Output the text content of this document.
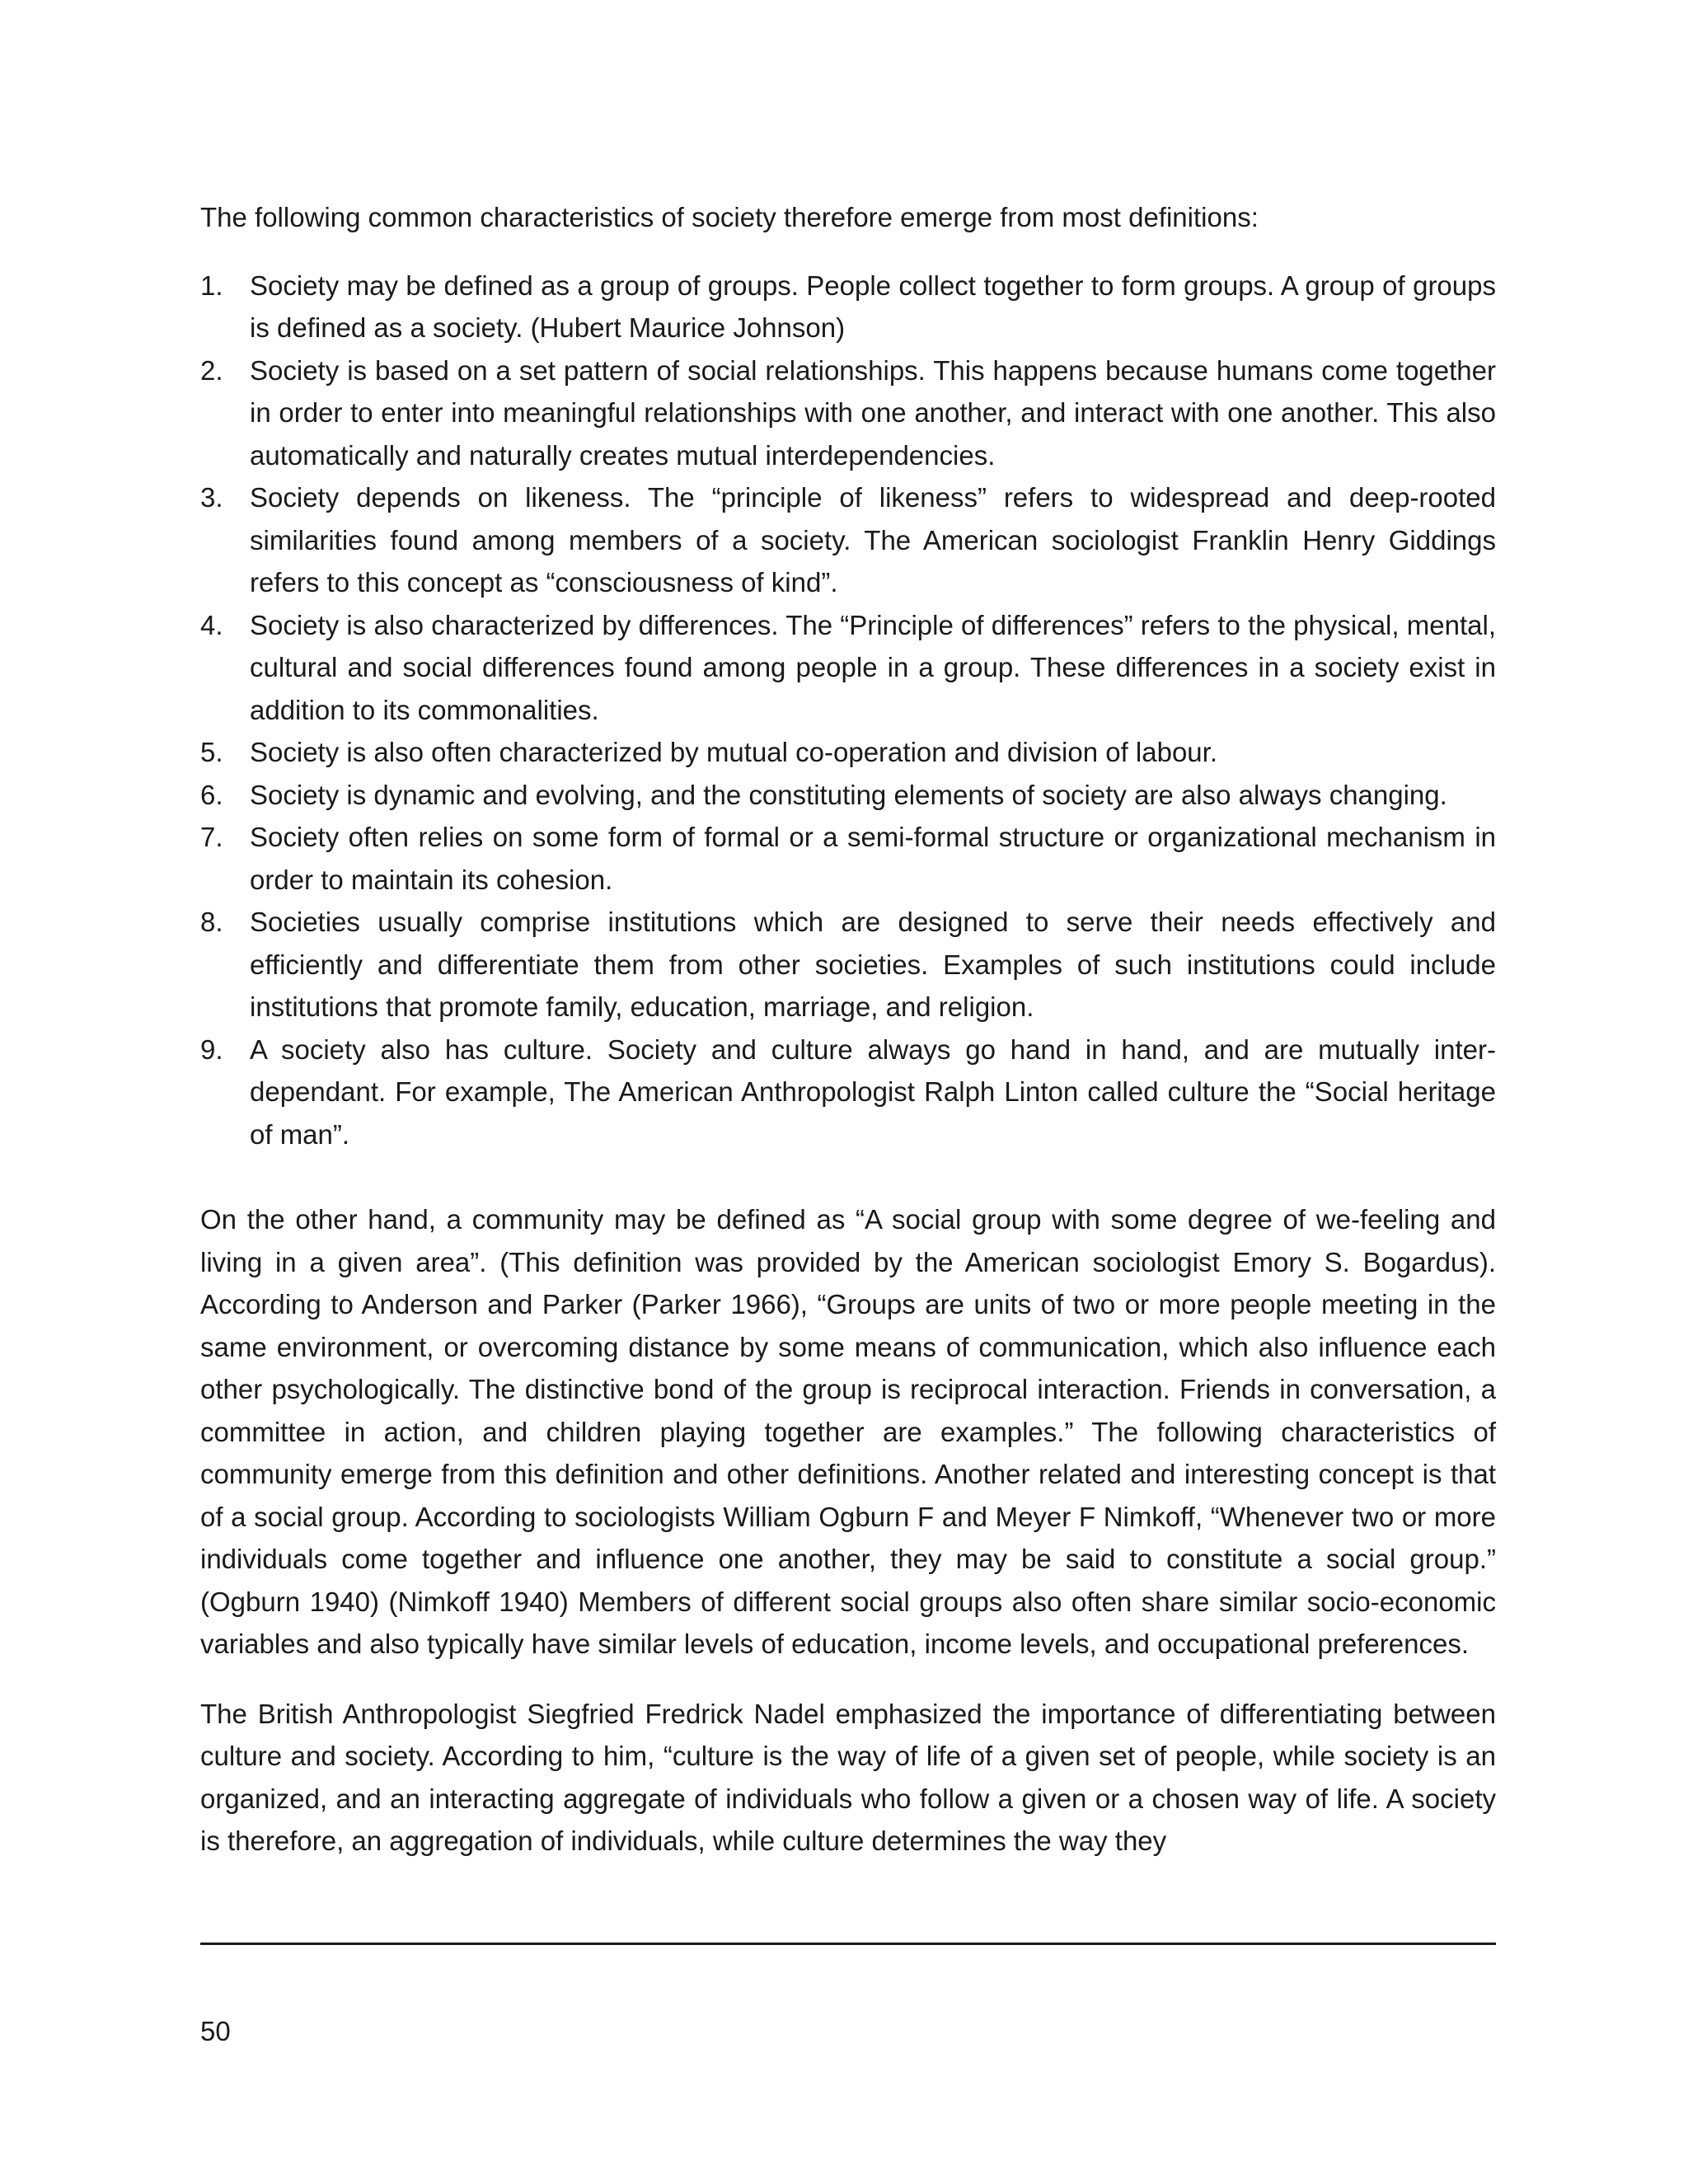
The following common characteristics of society therefore emerge from most definitions:

1. Society may be defined as a group of groups. People collect together to form groups. A group of groups is defined as a society. (Hubert Maurice Johnson)
2. Society is based on a set pattern of social relationships. This happens because humans come together in order to enter into meaningful relationships with one another, and interact with one another. This also automatically and naturally creates mutual interdependencies.
3. Society depends on likeness. The “principle of likeness” refers to widespread and deep-rooted similarities found among members of a society. The American sociologist Franklin Henry Giddings refers to this concept as “consciousness of kind”.
4. Society is also characterized by differences. The “Principle of differences” refers to the physical, mental, cultural and social differences found among people in a group. These differences in a society exist in addition to its commonalities.
5. Society is also often characterized by mutual co-operation and division of labour.
6. Society is dynamic and evolving, and the constituting elements of society are also always changing.
7. Society often relies on some form of formal or a semi-formal structure or organizational mechanism in order to maintain its cohesion.
8. Societies usually comprise institutions which are designed to serve their needs effectively and efficiently and differentiate them from other societies. Examples of such institutions could include institutions that promote family, education, marriage, and religion.
9. A society also has culture. Society and culture always go hand in hand, and are mutually inter-dependant. For example, The American Anthropologist Ralph Linton called culture the “Social heritage of man”.

On the other hand, a community may be defined as “A social group with some degree of we-feeling and living in a given area”. (This definition was provided by the American sociologist Emory S. Bogardus). According to Anderson and Parker (Parker 1966), “Groups are units of two or more people meeting in the same environment, or overcoming distance by some means of communication, which also influence each other psychologically. The distinctive bond of the group is reciprocal interaction. Friends in conversation, a committee in action, and children playing together are examples.” The following characteristics of community emerge from this definition and other definitions. Another related and interesting concept is that of a social group. According to sociologists William Ogburn F and Meyer F Nimkoff, “Whenever two or more individuals come together and influence one another, they may be said to constitute a social group.” (Ogburn 1940) (Nimkoff 1940) Members of different social groups also often share similar socio-economic variables and also typically have similar levels of education, income levels, and occupational preferences.

The British Anthropologist Siegfried Fredrick Nadel emphasized the importance of differentiating between culture and society. According to him, “culture is the way of life of a given set of people, while society is an organized, and an interacting aggregate of individuals who follow a given or a chosen way of life. A society is therefore, an aggregation of individuals, while culture determines the way they

50
